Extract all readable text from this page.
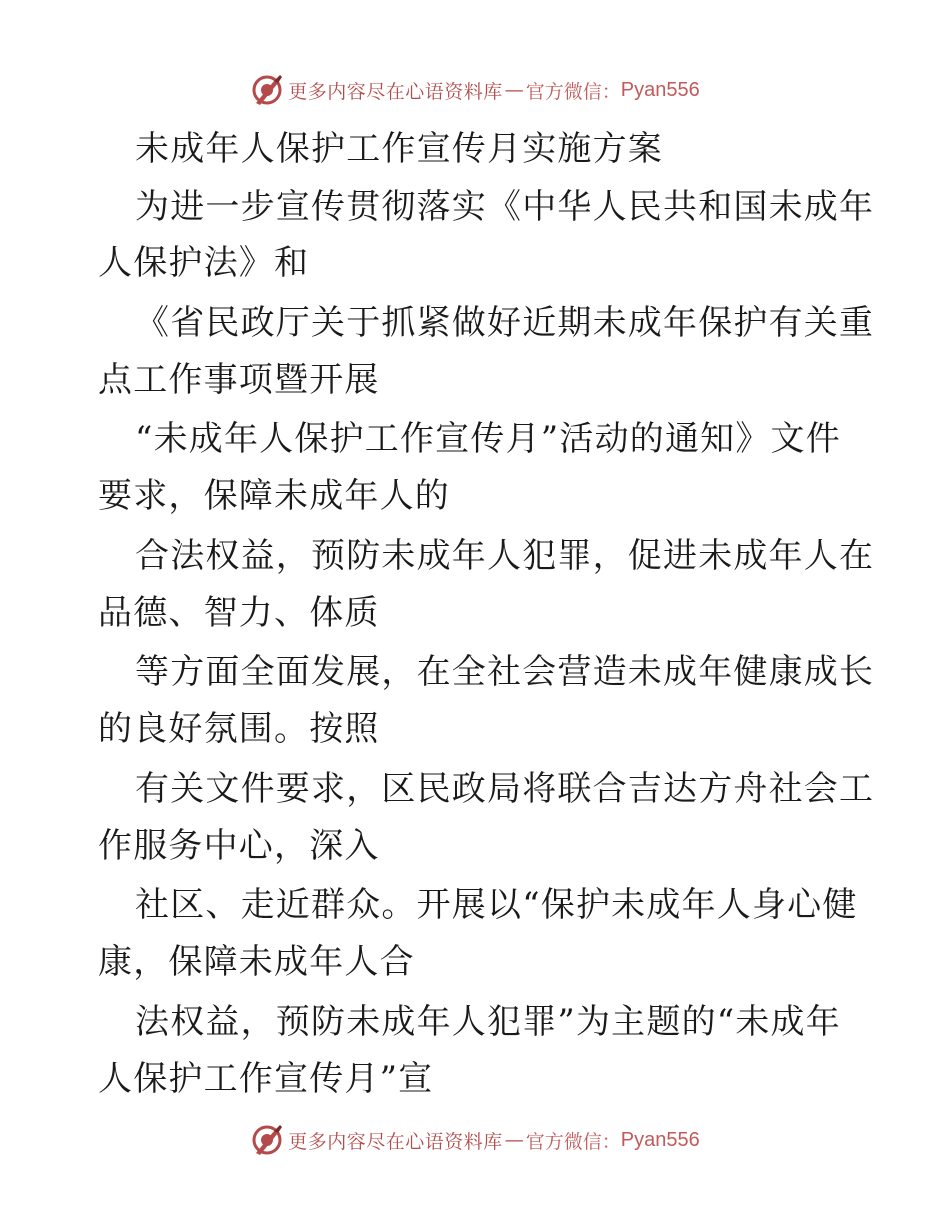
更多内容尽在心语资料库 — 官方微信： Pyan556
未成年人保护工作宣传月实施方案
为进一步宣传贯彻落实《中华人民共和国未成年
人保护法》和
《省民政厅关于抓紧做好近期未成年保护有关重
点工作事项暨开展
“未成年人保护工作宣传月”活动的通知》文件
要求，保障未成年人的
合法权益，预防未成年人犯罪，促进未成年人在
品德、智力、体质
等方面全面发展，在全社会营造未成年健康成长
的良好氛围。按照
有关文件要求，区民政局将联合吉达方舟社会工
作服务中心，深入
社区、走近群众。开展以“保护未成年人身心健
康，保障未成年人合
法权益，预防未成年人犯罪”为主题的“未成年
人保护工作宣传月”宣
更多内容尽在心语资料库 — 官方微信： Pyan556
